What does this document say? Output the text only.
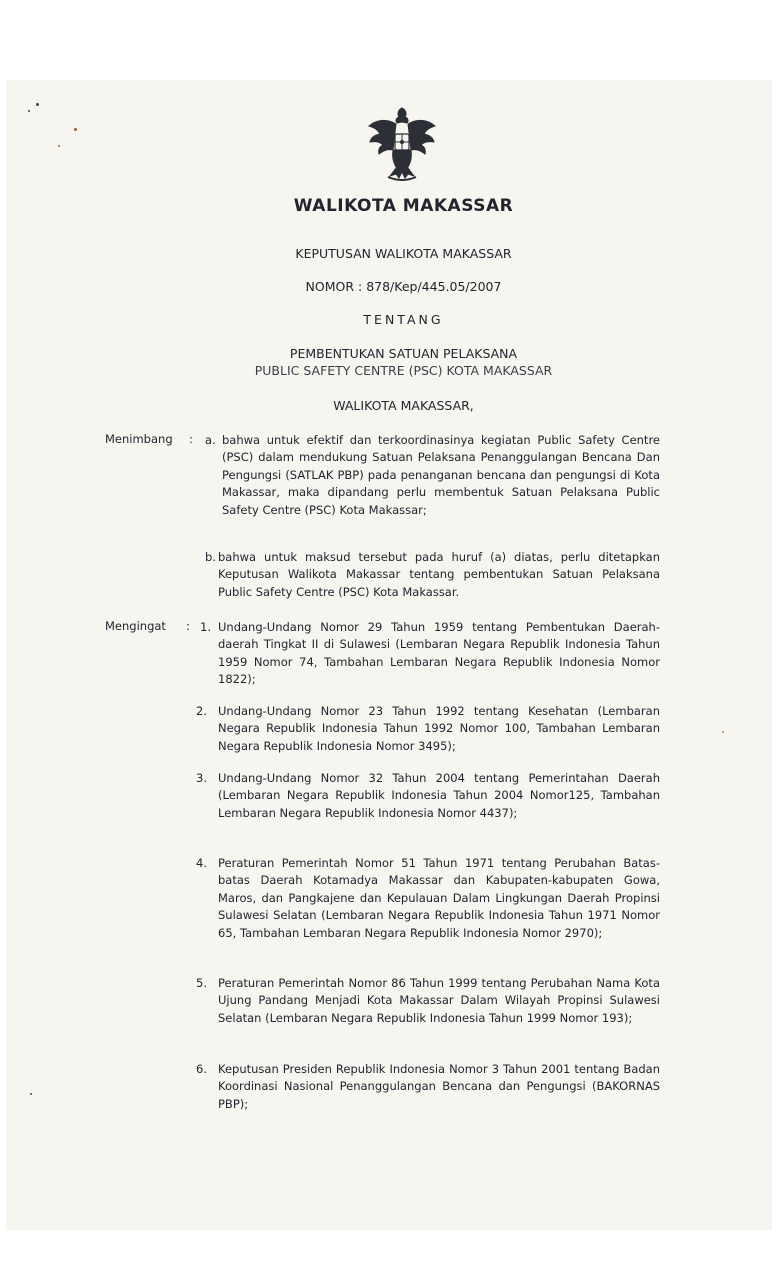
WALIKOTA MAKASSAR
KEPUTUSAN WALIKOTA MAKASSAR
NOMOR : 878/Kep/445.05/2007
TENTANG
PEMBENTUKAN SATUAN PELAKSANA
PUBLIC SAFETY CENTRE (PSC) KOTA MAKASSAR
WALIKOTA MAKASSAR,
Menimbang : a. bahwa untuk efektif dan terkoordinasinya kegiatan Public Safety Centre (PSC) dalam mendukung Satuan Pelaksana Penanggulangan Bencana Dan Pengungsi (SATLAK PBP) pada penanganan bencana dan pengungsi di Kota Makassar, maka dipandang perlu membentuk Satuan Pelaksana Public Safety Centre (PSC) Kota Makassar;
b. bahwa untuk maksud tersebut pada huruf (a) diatas, perlu ditetapkan Keputusan Walikota Makassar tentang pembentukan Satuan Pelaksana Public Safety Centre (PSC) Kota Makassar.
Mengingat : 1. Undang-Undang Nomor 29 Tahun 1959 tentang Pembentukan Daerah-daerah Tingkat II di Sulawesi (Lembaran Negara Republik Indonesia Tahun 1959 Nomor 74, Tambahan Lembaran Negara Republik Indonesia Nomor 1822);
2. Undang-Undang Nomor 23 Tahun 1992 tentang Kesehatan (Lembaran Negara Republik Indonesia Tahun 1992 Nomor 100, Tambahan Lembaran Negara Republik Indonesia Nomor 3495);
3. Undang-Undang Nomor 32 Tahun 2004 tentang Pemerintahan Daerah (Lembaran Negara Republik Indonesia Tahun 2004 Nomor125, Tambahan Lembaran Negara Republik Indonesia Nomor 4437);
4. Peraturan Pemerintah Nomor 51 Tahun 1971 tentang Perubahan Batas-batas Daerah Kotamadya Makassar dan Kabupaten-kabupaten Gowa, Maros, dan Pangkajene dan Kepulauan Dalam Lingkungan Daerah Propinsi Sulawesi Selatan (Lembaran Negara Republik Indonesia Tahun 1971 Nomor 65, Tambahan Lembaran Negara Republik Indonesia Nomor 2970);
5. Peraturan Pemerintah Nomor 86 Tahun 1999 tentang Perubahan Nama Kota Ujung Pandang Menjadi Kota Makassar Dalam Wilayah Propinsi Sulawesi Selatan (Lembaran Negara Republik Indonesia Tahun 1999 Nomor 193);
6. Keputusan Presiden Republik Indonesia Nomor 3 Tahun 2001 tentang Badan Koordinasi Nasional Penanggulangan Bencana dan Pengungsi (BAKORNAS PBP);
